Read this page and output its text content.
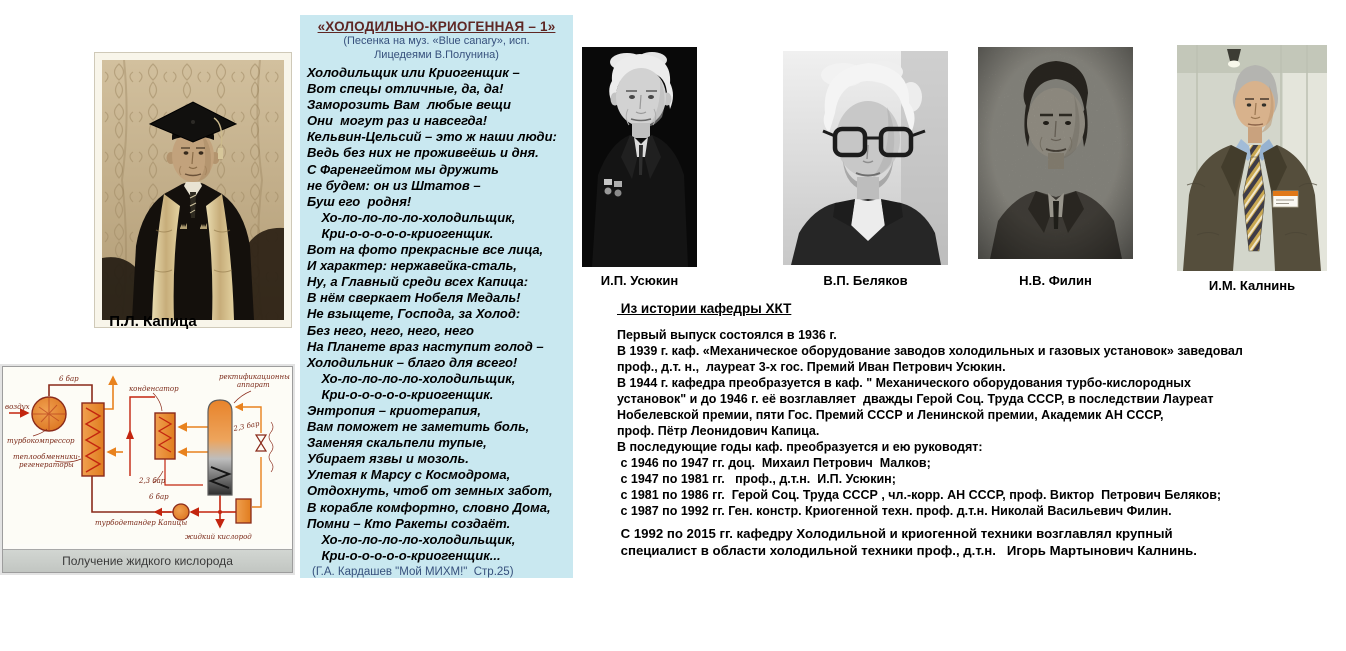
П.Л. Капица
«ХОЛОДИЛЬНО-КРИОГЕННАЯ – 1»
(Песенка на муз. «Blue canary», исп.
Лицедеями В.Полунина)
Холодильщик или Криогенщик –
Вот спецы отличные, да, да!
Заморозить Вам  любые вещи
Они  могут раз и навсегда!
Кельвин-Цельсий – это ж наши люди:
Ведь без них не проживеёшь и дня.
С Фаренгейтом мы дружить
не будем: он из Штатов –
Буш его  родня!
Хо-ло-ло-ло-ло-холодильщик,
Кри-о-о-о-о-о-криогенщик.
Вот на фото прекрасные все лица,
И характер: нержавейка-сталь,
Ну, а Главный среди всех Капица:
В нём сверкает Нобеля Медаль!
Не взыщете, Господа, за Холод:
Без него, него, него, него
На Планете враз наступит голод –
Холодильник – благо для всего!
Хо-ло-ло-ло-ло-холодильщик,
Кри-о-о-о-о-о-криогенщик.
Энтропия – криотерапия,
Вам поможет не заметить боль,
Заменяя скальпели тупые,
Убирает язвы и мозоль.
Улетая к Марсу с Космодрома,
Отдохнуть, чтоб от земных забот,
В корабле комфортно, словно Дома,
Помни – Кто Ракеты создаёт.
Хо-ло-ло-ло-ло-холодильщик,
Кри-о-о-о-о-о-криогенщик...
(Г.А. Кардашев "Мой МИХМ!"  Стр.25)
И.П. Усюкин	В.П. Беляков	Н.В. Филин	И.М. Калнинь
Из истории кафедры ХКТ
Первый выпуск состоялся в 1936 г.
В 1939 г. каф. «Механическое оборудование заводов холодильных и газовых установок» заведовал
проф., д.т. н.,  лауреат 3-х гос. Премий Иван Петрович Усюкин.
В 1944 г. кафедра преобразуется в каф. " Механического оборудования турбо-кислородных
установок" и до 1946 г. её возглавляет  дважды Герой Соц. Труда СССР, в последствии Лауреат
Нобелевской премии, пяти Гос. Премий СССР и Ленинской премии, Академик АН СССР,
проф. Пётр Леонидович Капица.
В последующие годы каф. преобразуется и ею руководят:
с 1946 по 1947 гг. доц.  Михаил Петрович  Малков;
с 1947 по 1981 гг.   проф., д.т.н.  И.П. Усюкин;
с 1981 по 1986 гг.  Герой Соц. Труда СССР , чл.-корр. АН СССР, проф. Виктор  Петрович Беляков;
с 1987 по 1992 гг. Ген. констр. Криогенной техн. проф. д.т.н. Николай Васильевич Филин.
С 1992 по 2015 гг. кафедру Холодильной и криогенной техники возглавлял крупный
специалист в области холодильной техники проф., д.т.н.   Игорь Мартынович Калнинь.
воздух
6 бар
турбокомпрессор
теплообменники-
регенераторы
конденсатор
ректификационный
аппарат
2,3 бар
2,3 бар
6 бар
турбодетандер Капицы
жидкий кислород
Получение жидкого кислорода
